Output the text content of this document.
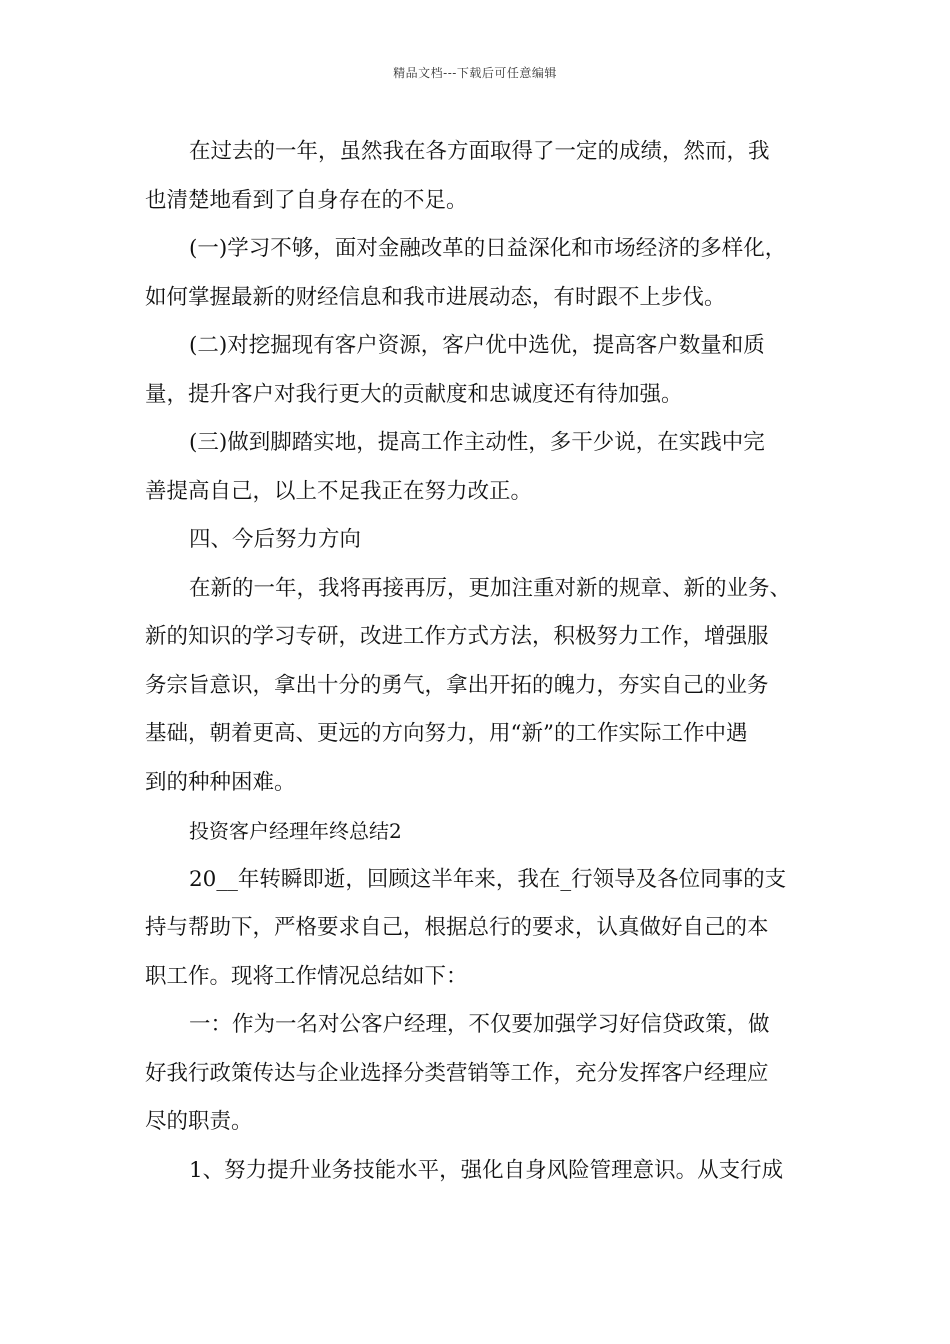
精品文档---下载后可任意编辑
在过去的一年，虽然我在各方面取得了一定的成绩，然而，我
也清楚地看到了自身存在的不足。
(一)学习不够，面对金融改革的日益深化和市场经济的多样化，
如何掌握最新的财经信息和我市进展动态，有时跟不上步伐。
(二)对挖掘现有客户资源，客户优中选优，提高客户数量和质
量，提升客户对我行更大的贡献度和忠诚度还有待加强。
(三)做到脚踏实地，提高工作主动性，多干少说，在实践中完
善提高自己，以上不足我正在努力改正。
四、今后努力方向
在新的一年，我将再接再厉，更加注重对新的规章、新的业务、
新的知识的学习专研，改进工作方式方法，积极努力工作，增强服
务宗旨意识，拿出十分的勇气，拿出开拓的魄力，夯实自己的业务
基础，朝着更高、更远的方向努力，用“新”的工作实际工作中遇
到的种种困难。
投资客户经理年终总结2
20__年转瞬即逝，回顾这半年来，我在_行领导及各位同事的支
持与帮助下，严格要求自己，根据总行的要求，认真做好自己的本
职工作。现将工作情况总结如下：
一：作为一名对公客户经理，不仅要加强学习好信贷政策，做
好我行政策传达与企业选择分类营销等工作，充分发挥客户经理应
尽的职责。
1、努力提升业务技能水平，强化自身风险管理意识。从支行成
